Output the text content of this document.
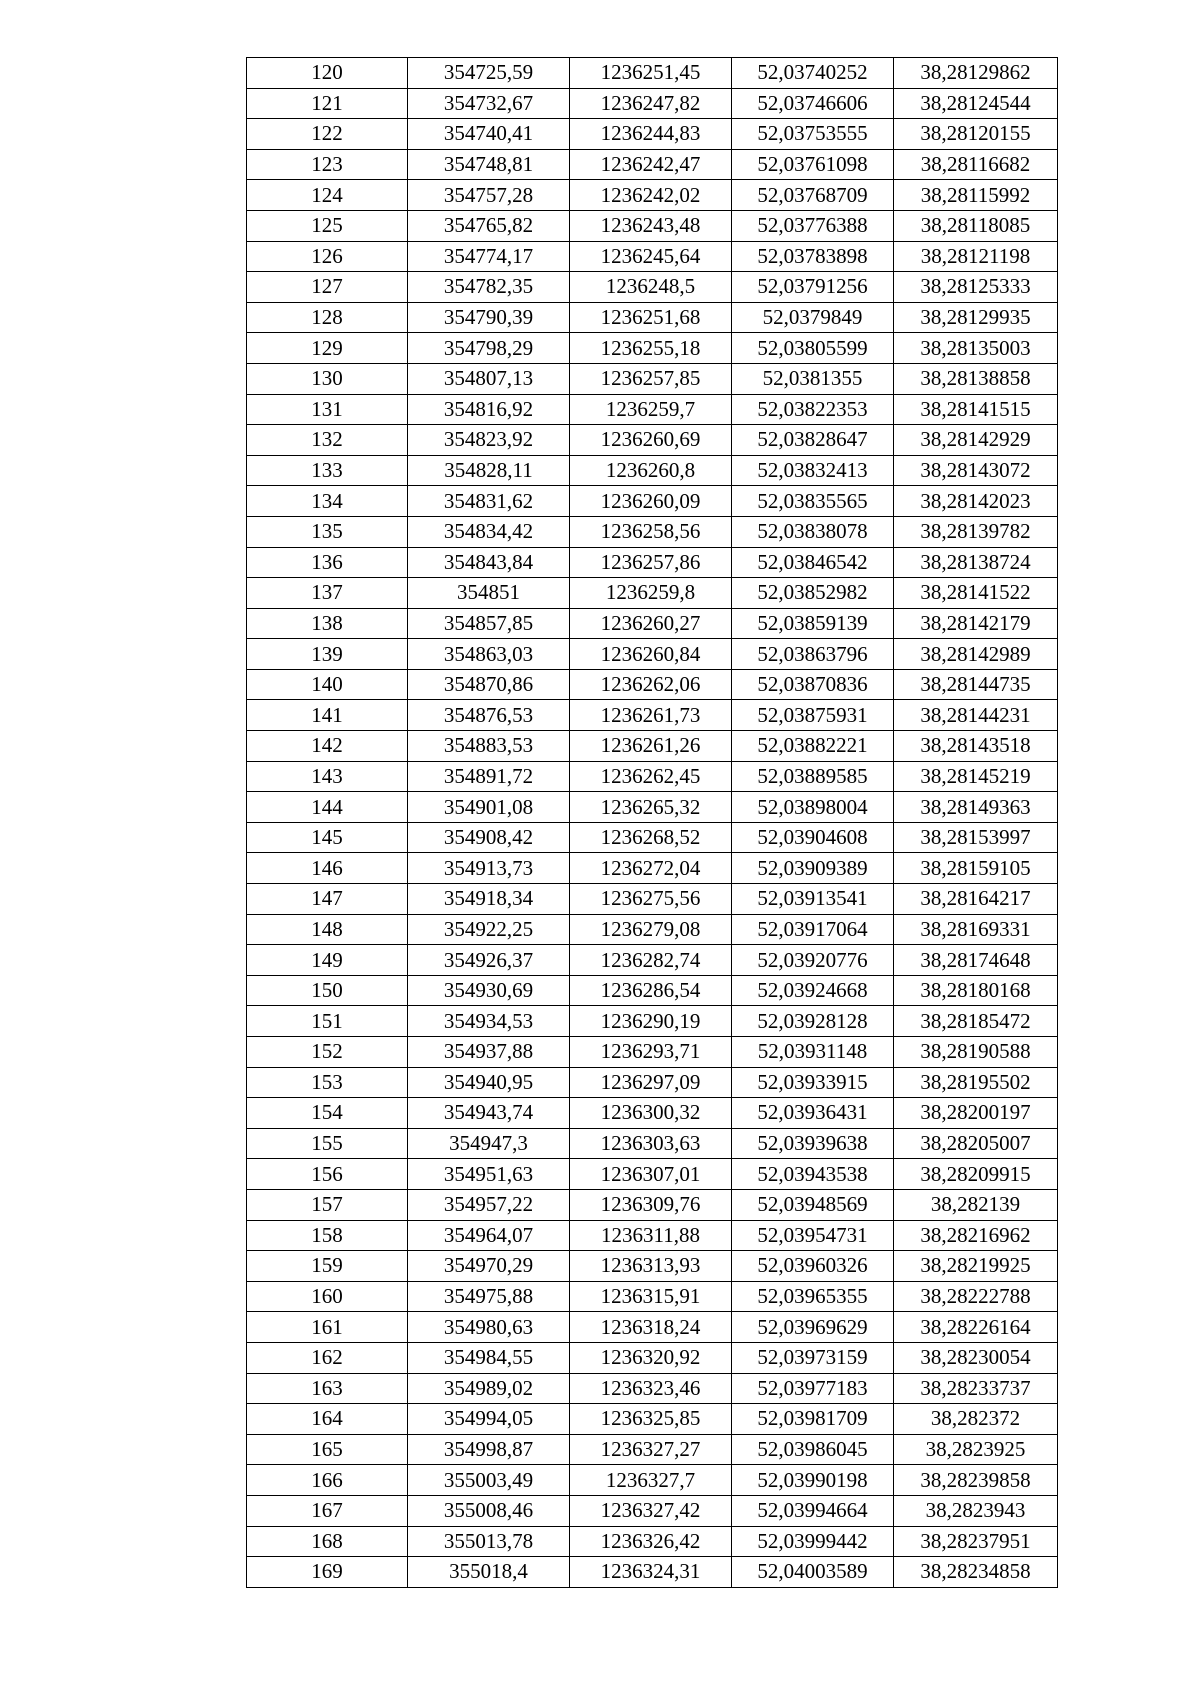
120	354725,59	1236251,45	52,03740252	38,28129862
121	354732,67	1236247,82	52,03746606	38,28124544
122	354740,41	1236244,83	52,03753555	38,28120155
123	354748,81	1236242,47	52,03761098	38,28116682
124	354757,28	1236242,02	52,03768709	38,28115992
125	354765,82	1236243,48	52,03776388	38,28118085
126	354774,17	1236245,64	52,03783898	38,28121198
127	354782,35	1236248,5	52,03791256	38,28125333
128	354790,39	1236251,68	52,0379849	38,28129935
129	354798,29	1236255,18	52,03805599	38,28135003
130	354807,13	1236257,85	52,0381355	38,28138858
131	354816,92	1236259,7	52,03822353	38,28141515
132	354823,92	1236260,69	52,03828647	38,28142929
133	354828,11	1236260,8	52,03832413	38,28143072
134	354831,62	1236260,09	52,03835565	38,28142023
135	354834,42	1236258,56	52,03838078	38,28139782
136	354843,84	1236257,86	52,03846542	38,28138724
137	354851	1236259,8	52,03852982	38,28141522
138	354857,85	1236260,27	52,03859139	38,28142179
139	354863,03	1236260,84	52,03863796	38,28142989
140	354870,86	1236262,06	52,03870836	38,28144735
141	354876,53	1236261,73	52,03875931	38,28144231
142	354883,53	1236261,26	52,03882221	38,28143518
143	354891,72	1236262,45	52,03889585	38,28145219
144	354901,08	1236265,32	52,03898004	38,28149363
145	354908,42	1236268,52	52,03904608	38,28153997
146	354913,73	1236272,04	52,03909389	38,28159105
147	354918,34	1236275,56	52,03913541	38,28164217
148	354922,25	1236279,08	52,03917064	38,28169331
149	354926,37	1236282,74	52,03920776	38,28174648
150	354930,69	1236286,54	52,03924668	38,28180168
151	354934,53	1236290,19	52,03928128	38,28185472
152	354937,88	1236293,71	52,03931148	38,28190588
153	354940,95	1236297,09	52,03933915	38,28195502
154	354943,74	1236300,32	52,03936431	38,28200197
155	354947,3	1236303,63	52,03939638	38,28205007
156	354951,63	1236307,01	52,03943538	38,28209915
157	354957,22	1236309,76	52,03948569	38,282139
158	354964,07	1236311,88	52,03954731	38,28216962
159	354970,29	1236313,93	52,03960326	38,28219925
160	354975,88	1236315,91	52,03965355	38,28222788
161	354980,63	1236318,24	52,03969629	38,28226164
162	354984,55	1236320,92	52,03973159	38,28230054
163	354989,02	1236323,46	52,03977183	38,28233737
164	354994,05	1236325,85	52,03981709	38,282372
165	354998,87	1236327,27	52,03986045	38,2823925
166	355003,49	1236327,7	52,03990198	38,28239858
167	355008,46	1236327,42	52,03994664	38,2823943
168	355013,78	1236326,42	52,03999442	38,28237951
169	355018,4	1236324,31	52,04003589	38,28234858
